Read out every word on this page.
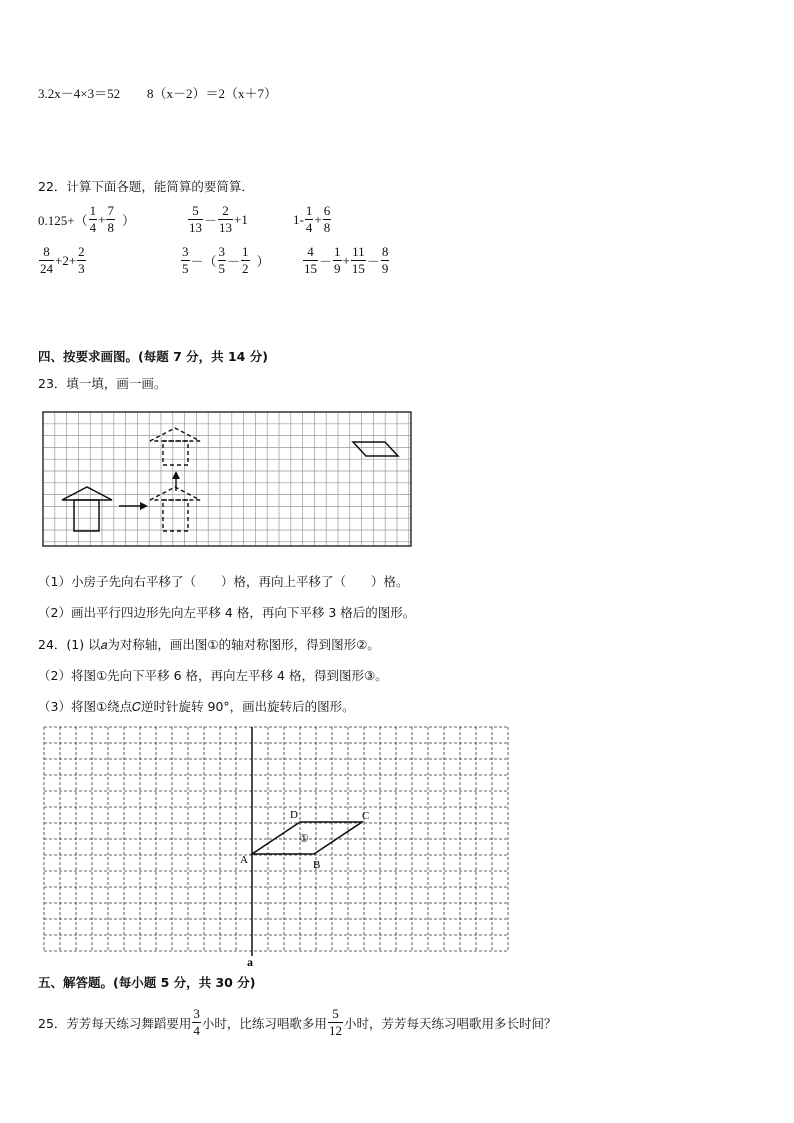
3.2x－4×3＝52 8（x－2）＝2（x＋7）
22．计算下面各题，能简算的要简算．
$0.125+( \frac{1}{4} + \frac{7}{8}$ ）	$\frac{5}{13} - \frac{2}{13} +1$	$1- \frac{1}{4} + \frac{6}{8}$
$\frac{8}{24} +2+ \frac{2}{3}$	$\frac{3}{5}$ －（ $\frac{3}{5} - \frac{1}{2}$ ）	$\frac{4}{15} - \frac{1}{9} + \frac{11}{15} - \frac{8}{9}$
四、按要求画图。(每题 7 分，共 14 分)
23．填一填，画一画。
（1）小房子先向右平移了（　　）格，再向上平移了（　　）格。
（2）画出平行四边形先向左平移 4 格，再向下平移 3 格后的图形。
24．(1) 以𝑎为对称轴，画出图①的轴对称图形，得到图形②。
（2）将图①先向下平移 6 格，再向左平移 4 格，得到图形③。
（3）将图①绕点𝐶逆时针旋转 90°，画出旋转后的图形。
A	B
C
D
①
a
五、解答题。(每小题 5 分，共 30 分)
25．芳芳每天练习舞蹈要用 $\frac{3}{4}$ 小时，比练习唱歌多用 $\frac{5}{12}$ 小时，芳芳每天练习唱歌用多长时间？
